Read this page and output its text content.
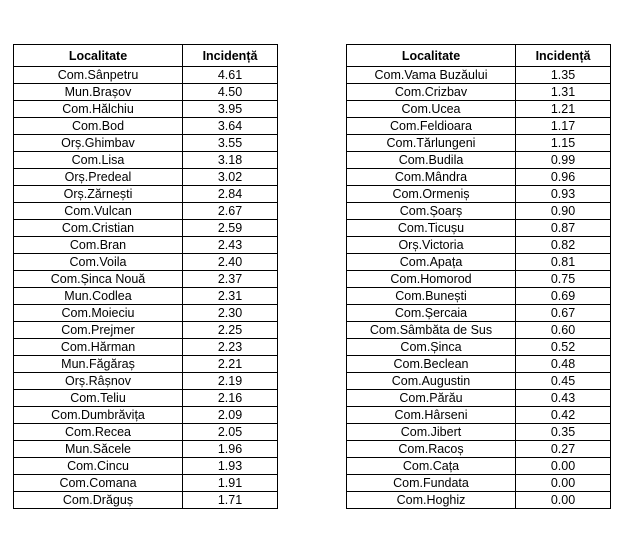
Localitate	Incidență
Com.Sânpetru	4.61
Mun.Brașov	4.50
Com.Hălchiu	3.95
Com.Bod	3.64
Orș.Ghimbav	3.55
Com.Lisa	3.18
Orș.Predeal	3.02
Orș.Zărnești	2.84
Com.Vulcan	2.67
Com.Cristian	2.59
Com.Bran	2.43
Com.Voila	2.40
Com.Șinca Nouă	2.37
Mun.Codlea	2.31
Com.Moieciu	2.30
Com.Prejmer	2.25
Com.Hărman	2.23
Mun.Făgăraș	2.21
Orș.Râșnov	2.19
Com.Teliu	2.16
Com.Dumbrăvița	2.09
Com.Recea	2.05
Mun.Săcele	1.96
Com.Cincu	1.93
Com.Comana	1.91
Com.Drăguș	1.71
Localitate	Incidență
Com.Vama Buzăului	1.35
Com.Crizbav	1.31
Com.Ucea	1.21
Com.Feldioara	1.17
Com.Tărlungeni	1.15
Com.Budila	0.99
Com.Mândra	0.96
Com.Ormeniș	0.93
Com.Șoarș	0.90
Com.Ticușu	0.87
Orș.Victoria	0.82
Com.Apața	0.81
Com.Homorod	0.75
Com.Bunești	0.69
Com.Șercaia	0.67
Com.Sâmbăta de Sus	0.60
Com.Șinca	0.52
Com.Beclean	0.48
Com.Augustin	0.45
Com.Părău	0.43
Com.Hârseni	0.42
Com.Jibert	0.35
Com.Racoș	0.27
Com.Cața	0.00
Com.Fundata	0.00
Com.Hoghiz	0.00
